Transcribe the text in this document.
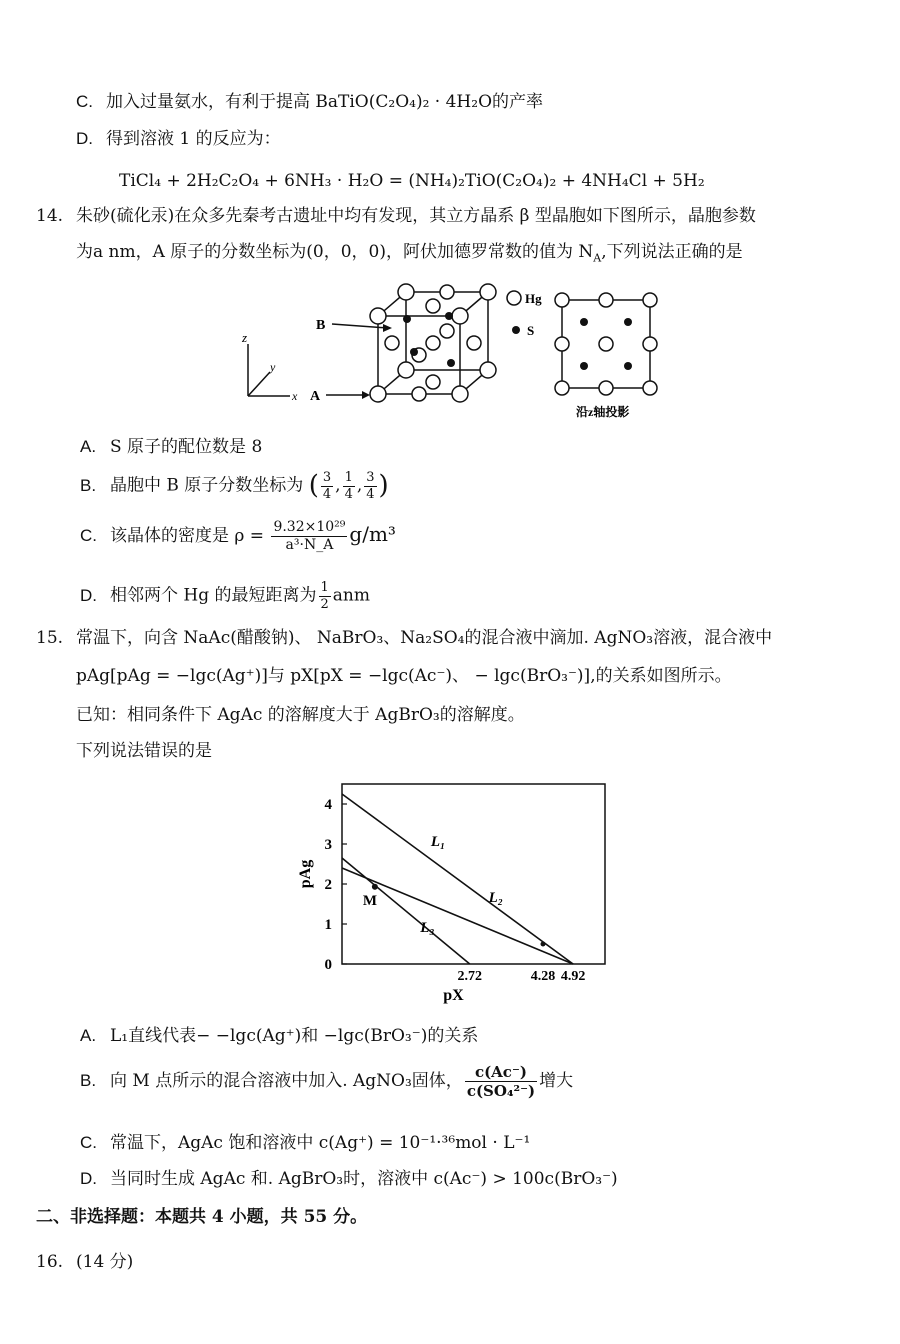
C. 加入过量氨水，有利于提高 BaTiO(C₂O₄)₂ · 4H₂O的产率
D. 得到溶液 1 的反应为：
TiCl₄ + 2H₂C₂O₄ + 6NH₃ · H₂O = (NH₄)₂TiO(C₂O₄)₂ + 4NH₄Cl + 5H₂
14. 朱砂(硫化汞)在众多先秦考古遗址中均有发现，其立方晶系 β 型晶胞如下图所示，晶胞参数
为a nm，A 原子的分数坐标为(0，0，0)，阿伏加德罗常数的值为 $N_A$,下列说法正确的是
z
y
x A
B
Hg
S
沿z轴投影
A. S 原子的配位数是 8
B. 晶胞中 B 原子分数坐标为 ( $\frac{3}{4}$ , $\frac{1}{4}$ , $\frac{3}{4}$ )
C. 该晶体的密度是 $\rho = \frac{\text{9.32×10²⁹}}{\text{a³·N\_A}} g/m^3$
D. 相邻两个 Hg 的最短距离为 $\frac{1}{2}$ anm
15. 常温下，向含 NaAc(醋酸钠)、 NaBrO₃、Na₂SO₄的混合液中滴加. AgNO₃溶液，混合液中
pAg[pAg = −lgc(Ag⁺)]与 pX[pX = −lgc(Ac⁻)、 − lgc(BrO₃⁻)],的关系如图所示。
已知：相同条件下 AgAc 的溶解度大于 AgBrO₃的溶解度。
下列说法错误的是
0
1
2
3
4
2.72	4.28 4.92
pX
pAg
L₁
L₂
L₃
M
A. L₁直线代表− −lgc(Ag⁺)和 −lgc(BrO₃⁻)的关系
B. 向 M 点所示的混合溶液中加入. AgNO₃固体， $\frac{c(Ac^-)}{\text{c(SO₄²⁻)}}$ 增大
C. 常温下，AgAc 饱和溶液中 c(Ag⁺) = 10⁻¹·³⁶mol · L⁻¹
D. 当同时生成 AgAc 和. AgBrO₃时，溶液中 c(Ac⁻) > 100c(BrO₃⁻)
二、非选择题：本题共 4 小题，共 55 分。
16. (14 分)
